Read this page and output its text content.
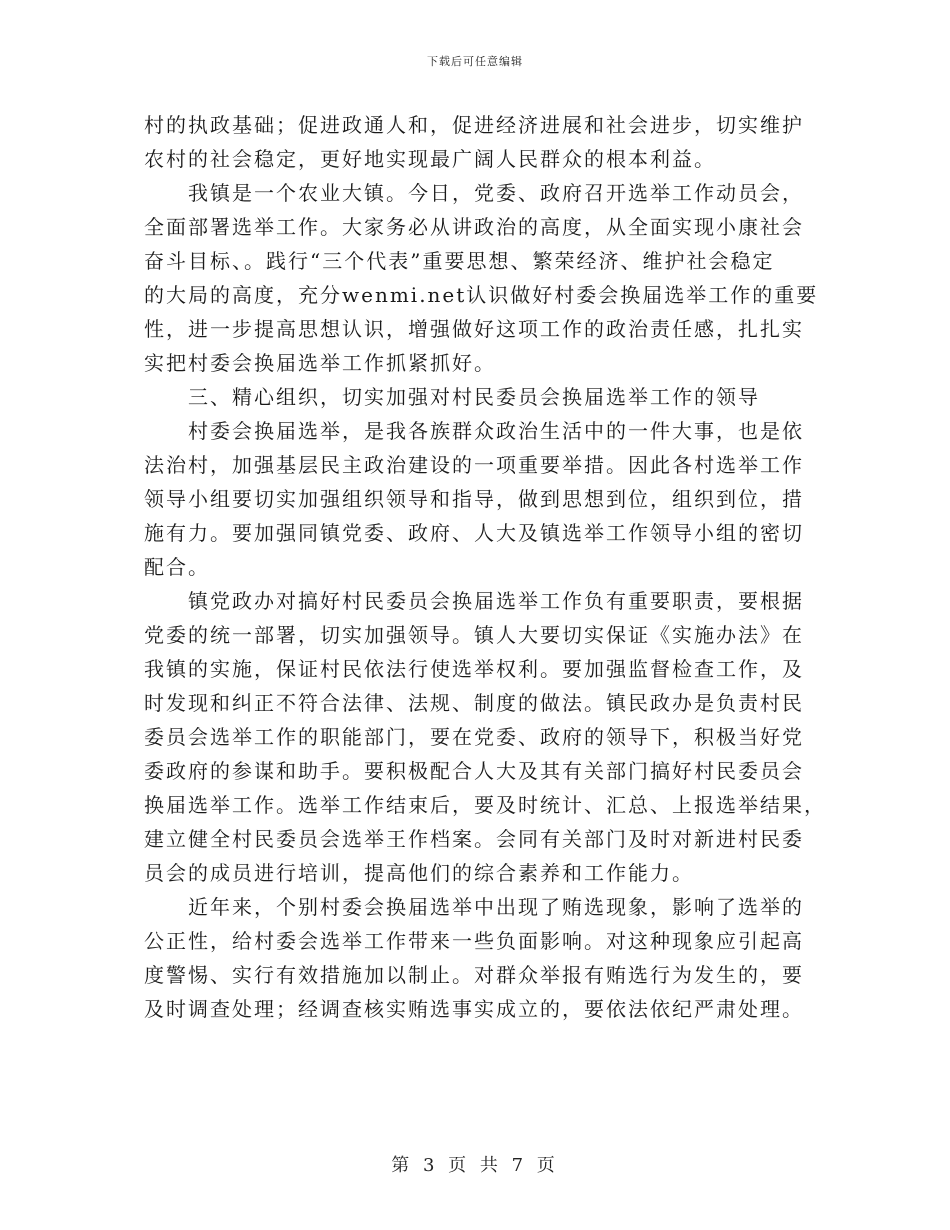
下载后可任意编辑
村的执政基础；促进政通人和，促进经济进展和社会进步，切实维护
农村的社会稳定，更好地实现最广阔人民群众的根本利益。
我镇是一个农业大镇。今日，党委、政府召开选举工作动员会，
全面部署选举工作。大家务必从讲政治的高度，从全面实现小康社会
奋斗目标、。践行“三个代表”重要思想、繁荣经济、维护社会稳定
的大局的高度，充分wenmi.net认识做好村委会换届选举工作的重要
性，进一步提高思想认识，增强做好这项工作的政治责任感，扎扎实
实把村委会换届选举工作抓紧抓好。
三、精心组织，切实加强对村民委员会换届选举工作的领导
村委会换届选举，是我各族群众政治生活中的一件大事，也是依
法治村，加强基层民主政治建设的一项重要举措。因此各村选举工作
领导小组要切实加强组织领导和指导，做到思想到位，组织到位，措
施有力。要加强同镇党委、政府、人大及镇选举工作领导小组的密切
配合。
镇党政办对搞好村民委员会换届选举工作负有重要职责，要根据
党委的统一部署，切实加强领导。镇人大要切实保证《实施办法》在
我镇的实施，保证村民依法行使选举权利。要加强监督检查工作，及
时发现和纠正不符合法律、法规、制度的做法。镇民政办是负责村民
委员会选举工作的职能部门，要在党委、政府的领导下，积极当好党
委政府的参谋和助手。要积极配合人大及其有关部门搞好村民委员会
换届选举工作。选举工作结束后，要及时统计、汇总、上报选举结果，
建立健全村民委员会选举王作档案。会同有关部门及时对新进村民委
员会的成员进行培训，提高他们的综合素养和工作能力。
近年来，个别村委会换届选举中出现了贿选现象，影响了选举的
公正性，给村委会选举工作带来一些负面影响。对这种现象应引起高
度警惕、实行有效措施加以制止。对群众举报有贿选行为发生的，要
及时调查处理；经调查核实贿选事实成立的，要依法依纪严肃处理。
第 3 页 共 7 页
